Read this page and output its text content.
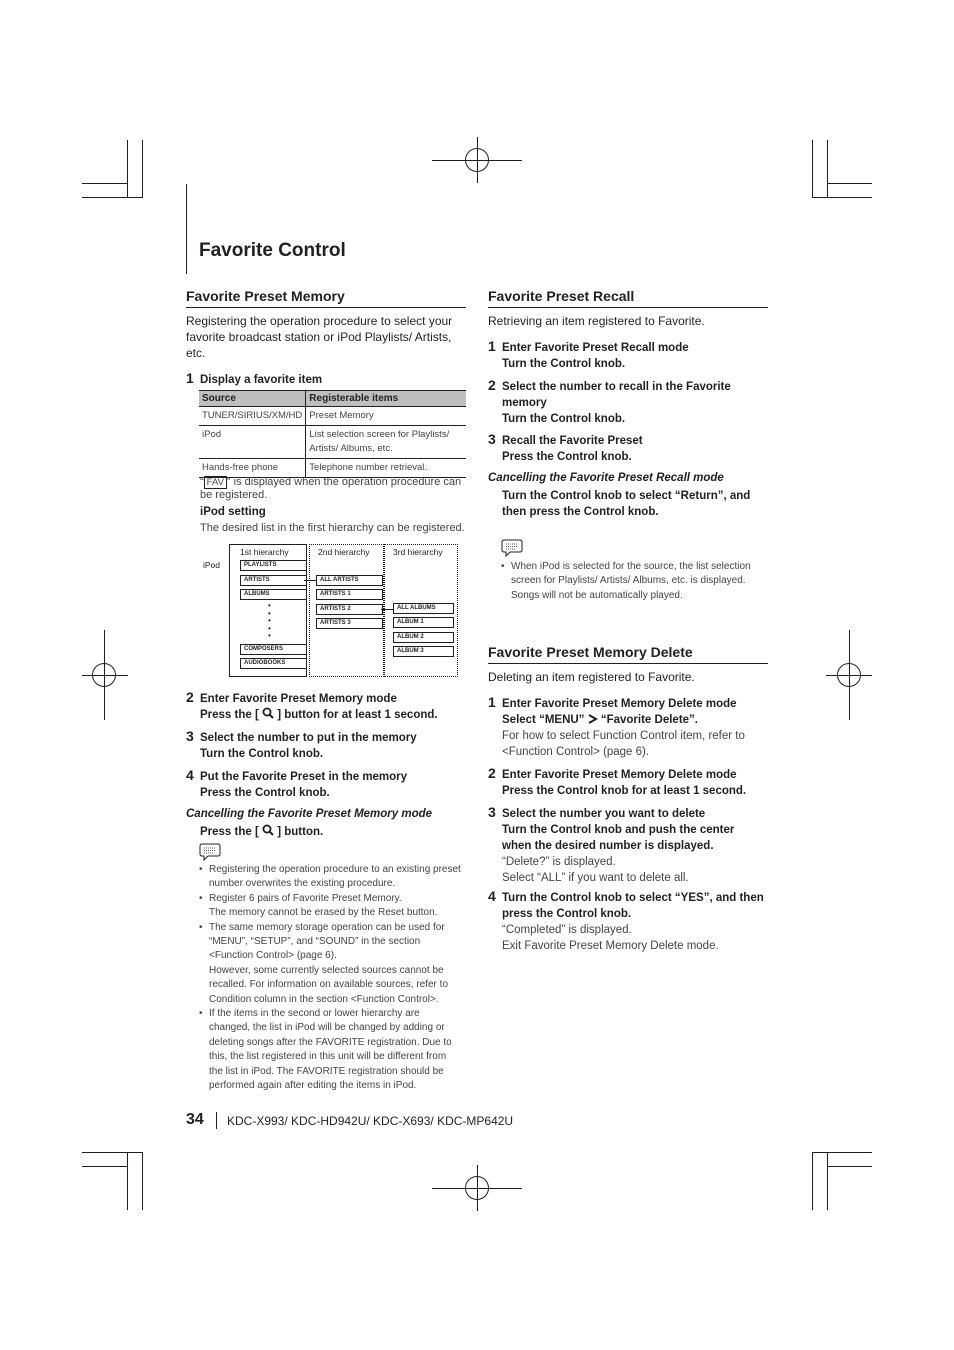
Favorite Control
Favorite Preset Memory
Registering the operation procedure to select your favorite broadcast station or iPod Playlists/ Artists, etc.
1 Display a favorite item
Source	Registerable items
TUNER/SIRIUS/XM/HD	Preset Memory
iPod	List selection screen for Playlists/ Artists/ Albums, etc.
Hands-free phone	Telephone number retrieval.
“ FAV ” is displayed when the operation procedure can be registered.
iPod setting
The desired list in the first hierarchy can be registered.
iPod
1st hierarchy	2nd hierarchy	3rd hierarchy
PLAYLISTS
ARTISTS
ALBUMS
•
•
•
•
•
COMPOSERS
AUDIOBOOKS
ALL ARTISTS
ARTISTS 1
ARTISTS 2
ARTISTS 3
ALL ALBUMS
ALBUM 1
ALBUM 2
ALBUM 3
2 Enter Favorite Preset Memory mode
Press the [ ] button for at least 1 second.
3 Select the number to put in the memory
Turn the Control knob.
4 Put the Favorite Preset in the memory
Press the Control knob.
Cancelling the Favorite Preset Memory mode
Press the [ ] button.
• Registering the operation procedure to an existing preset number overwrites the existing procedure.
• Register 6 pairs of Favorite Preset Memory.
The memory cannot be erased by the Reset button.
• The same memory storage operation can be used for “MENU”, “SETUP”, and “SOUND” in the section <Function Control> (page 6).
However, some currently selected sources cannot be recalled. For information on available sources, refer to Condition column in the section <Function Control>.
• If the items in the second or lower hierarchy are changed, the list in iPod will be changed by adding or deleting songs after the FAVORITE registration. Due to this, the list registered in this unit will be different from the list in iPod. The FAVORITE registration should be performed again after editing the items in iPod.
Favorite Preset Recall
Retrieving an item registered to Favorite.
1 Enter Favorite Preset Recall mode
Turn the Control knob.
2 Select the number to recall in the Favorite memory
Turn the Control knob.
3 Recall the Favorite Preset
Press the Control knob.
Cancelling the Favorite Preset Recall mode
Turn the Control knob to select “Return”, and then press the Control knob.
• When iPod is selected for the source, the list selection screen for Playlists/ Artists/ Albums, etc. is displayed. Songs will not be automatically played.
Favorite Preset Memory Delete
Deleting an item registered to Favorite.
1 Enter Favorite Preset Memory Delete mode
Select “MENU” “Favorite Delete”.
For how to select Function Control item, refer to <Function Control> (page 6).
2 Enter Favorite Preset Memory Delete mode
Press the Control knob for at least 1 second.
3 Select the number you want to delete
Turn the Control knob and push the center when the desired number is displayed.
“Delete?” is displayed.
Select “ALL” if you want to delete all.
4 Turn the Control knob to select “YES”, and then press the Control knob.
“Completed” is displayed.
Exit Favorite Preset Memory Delete mode.
34 KDC-X993/ KDC-HD942U/ KDC-X693/ KDC-MP642U
